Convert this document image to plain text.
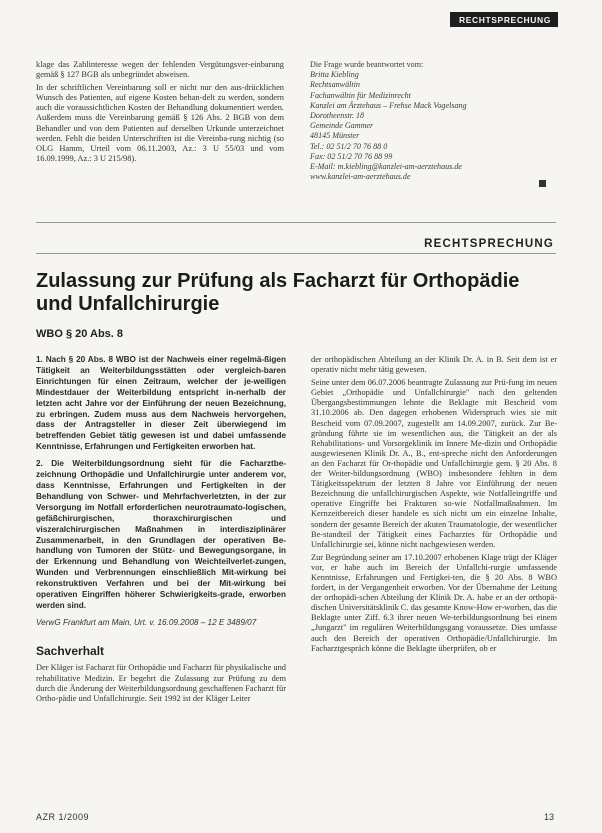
RECHTSPRECHUNG

klage das Zahlinteresse wegen der fehlenden Vergütungsver-einbarung gemäß § 127 BGB als unbegründet abweisen.

In der schriftlichen Vereinbarung soll er nicht nur den aus-drücklichen Wunsch des Patienten, auf eigene Kosten behan-delt zu werden, sondern auch die voraussichtlichen Kosten der Behandlung dokumentiert werden. Außerdem muss die Vereinbarung gemäß § 126 Abs. 2 BGB von dem Behandler und von dem Patienten auf derselben Urkunde unterzeichnet werden. Fehlt die beiden Unterschriften ist die Vereinba-rung nichtig (so OLG Hamm, Urteil vom 06.11.2003, Az.: 3 U 55/03 und vom 16.09.1999, Az.: 3 U 215/98).

Die Frage wurde beantwortet vom:
Britta Kiebling
Rechtsanwältin
Fachanwältin für Medizinrecht
Kanzlei am Ärztehaus – Frehse Mack Vogelsang
Dorotheenstr. 18
Gemeinde Gammer
48145 Münster
Tel.: 02 51/2 70 76 88 0
Fax: 02 51/2 70 76 88 99
E-Mail: m.kiebling@kanzlei-am-aerztehaus.de
www.kanzlei-am-aerztehaus.de
RECHTSPRECHUNG
Zulassung zur Prüfung als Facharzt für Orthopädie und Unfallchirurgie
WBO § 20 Abs. 8

1. Nach § 20 Abs. 8 WBO ist der Nachweis einer regelmä-ßigen Tätigkeit an Weiterbildungsstätten oder vergleich-baren Einrichtungen für einen Zeitraum, welcher der je-weiligen Mindestdauer der Weiterbildung entspricht in-nerhalb der letzten acht Jahre vor der Einführung der neuen Bezeichnung, zu erbringen. Zudem muss aus dem Nachweis hervorgehen, dass der Antragsteller in dieser Zeit überwiegend im betreffenden Gebiet tätig gewesen ist und dabei umfassende Kenntnisse, Erfahrungen und Fertigkeiten erworben hat.

2. Die Weiterbildungsordnung sieht für die Facharztbe-zeichnung Orthopädie und Unfallchirurgie unter anderem vor, dass Kenntnisse, Erfahrungen und Fertigkeiten in der Behandlung von Schwer- und Mehrfachverletzten, in der zur Versorgung im Notfall erforderlichen neurotraumato-logischen, gefäßchirurgischen, thoraxchirurgischen und viszeralchirurgischen Maßnahmen in interdisziplinärer Zusammenarbeit, in den Grundlagen der operativen Be-handlung von Tumoren der Stütz- und Bewegungsorgane, in der Erkennung und Behandlung von Weichteilverlet-zungen, Wunden und Verbrennungen einschließlich Mit-wirkung bei rekonstruktiven Verfahren und bei der Mit-wirkung bei operativen Eingriffen höherer Schwierigkeits-grade, erworben werden sind.

VerwG Frankfurt am Main, Urt. v. 16.09.2008 – 12 E 3489/07
Sachverhalt
Der Kläger ist Facharzt für Orthopädie und Facharzt für physikalische und rehabilitative Medizin. Er begehrt die Zulassung zur Prüfung zu dem durch die Änderung der Weiterbildungsordnung geschaffenen Facharzt für Ortho-pädie und Unfallchirurgie. Seit 1992 ist der Kläger Leiter

der orthopädischen Abteilung an der Klinik Dr. A. in B. Seit dem ist er operativ nicht mehr tätig gewesen.

Seine unter dem 06.07.2006 beantragte Zulassung zur Prü-fung im neuen Gebiet „Orthopädie und Unfallchirurgie" nach den geltenden Übergangsbestimmungen lehnte die Beklagte mit Bescheid vom 31.10.2006 ab. Den dagegen erhobenen Widerspruch wies sie mit Bescheid vom 07.09.2007, zugestellt am 14.09.2007, zurück. Zur Be-gründung führte sie im wesentlichen aus, die Tätigkeit an der als Rehabilitations- und Vorsorgeklinik im Innere Me-dizin und Orthopädie ausgewiesenen Klinik Dr. A., B., ent-spreche nicht den Anforderungen an den Facharzt für Or-thopädie und Unfallchirurgie gem. § 20 Abs. 8 der Weiter-bildungsordnung (WBO) insbesondere fehlten in dem Tätigkeitsspektrum der letzten 8 Jahre vor Einführung der neuen Bezeichnung die unfallchirurgischen Aspekte, wie Notfalleingriffe und operative Eingriffe bei Frakturen so-wie Notfallmaßnahmen. Im Kernzeitbereich dieser handele es sich nicht um ein einzelne Inhalte, sondern der gesamte Bereich der akuten Traumatologie, der wesentlicher Be-standteil der Tätigkeit eines Facharztes für Orthopädie und Unfallchirurgie sei, könne nicht nachgewiesen werden.

Zur Begründung seiner am 17.10.2007 erhobenen Klage trägt der Kläger vor, er habe auch im Bereich der Unfallchi-rurgie umfassende Kenntnisse, Erfahrungen und Fertigkei-ten, die § 20 Abs. 8 WBO fordert, in der Vergangenheit erworben. Vor der Übernahme der Leitung der orthopädi-schen Abteilung der Klinik Dr. A. habe er an der orthopä-dischen Universitätsklinik C. das gesamte Know-How er-worben, das die Beklagte unter Ziff. 6.3 ihrer neuen We-terbildungsordnung bei einem „Jungarzt" im regulären Weiterbildungsgang voraussetze. Dies umfasse auch den Bereich der operativen Orthopädie/Unfallchirurgie. Im Facharztgespräch könne die Beklagte überprüfen, ob er

AZR 1/2009	13
